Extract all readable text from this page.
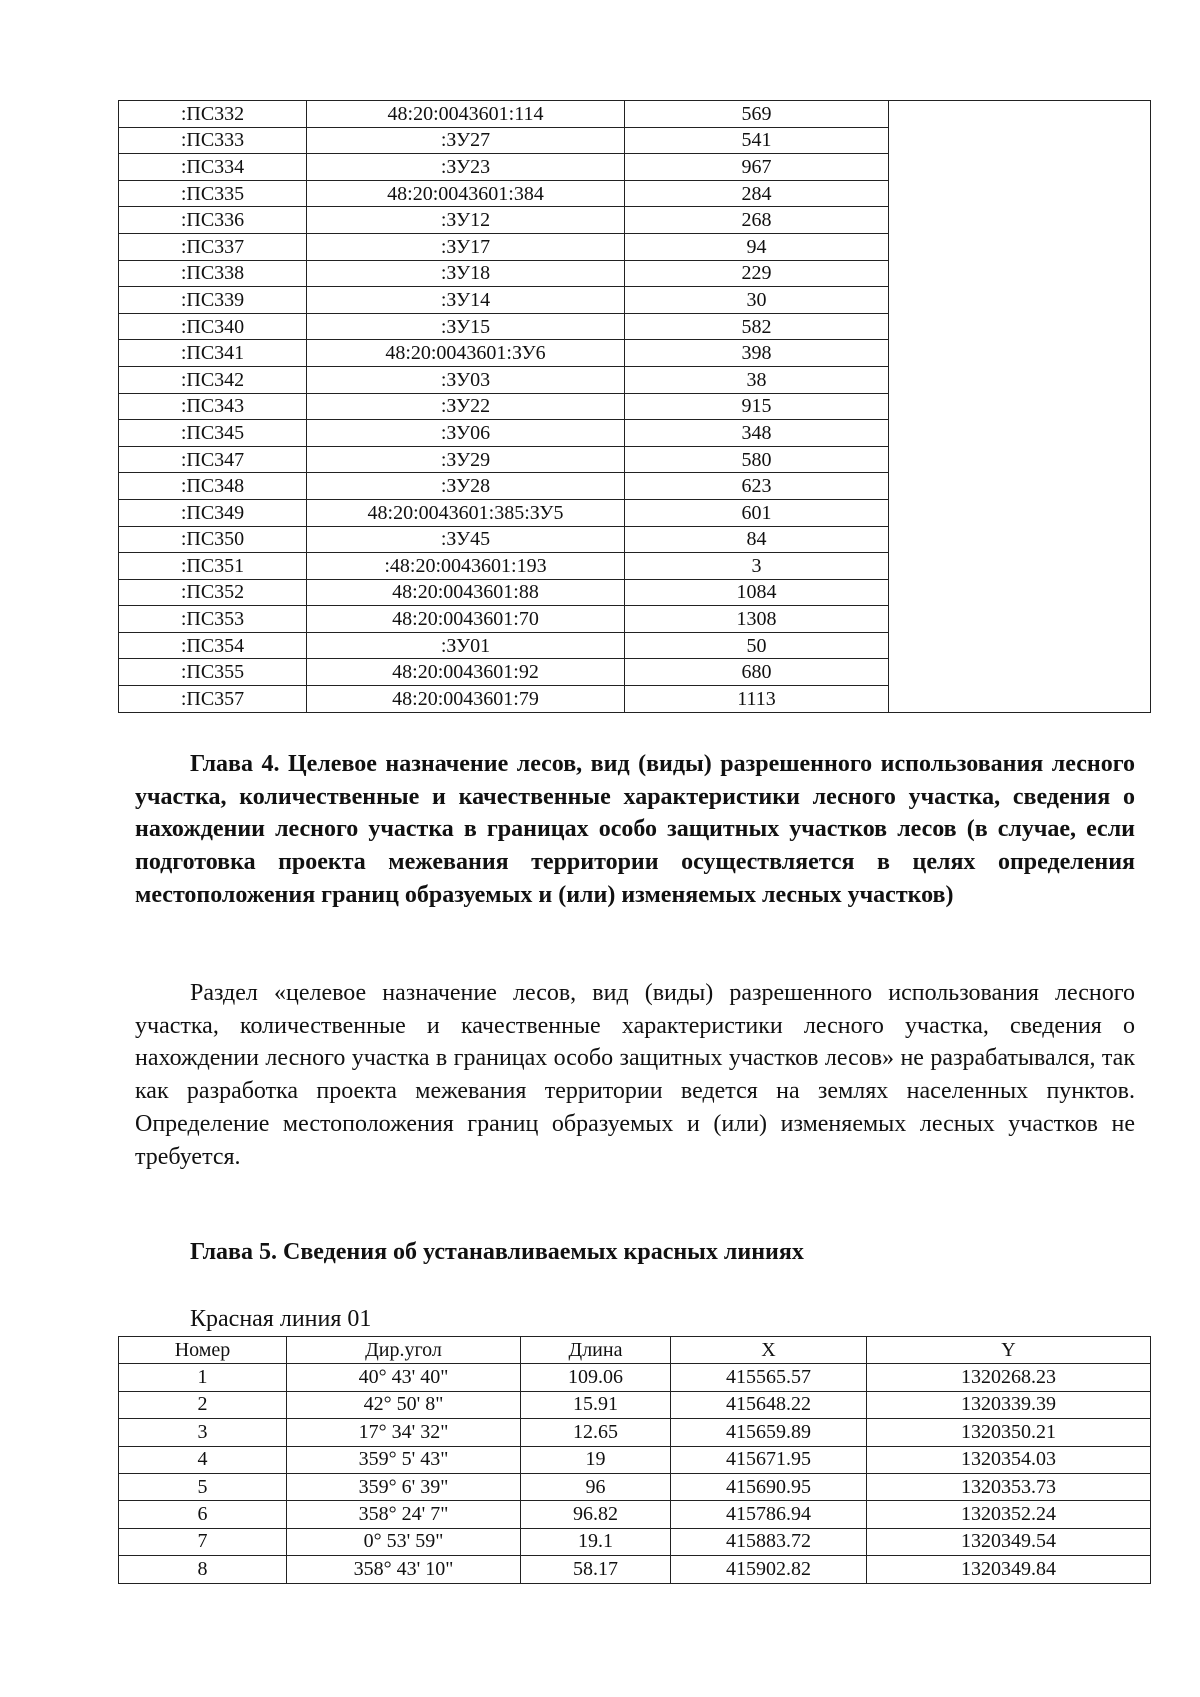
:ПС332	48:20:0043601:114	569	
:ПС333	:ЗУ27	541	
:ПС334	:ЗУ23	967	
:ПС335	48:20:0043601:384	284	
:ПС336	:ЗУ12	268	
:ПС337	:ЗУ17	94	
:ПС338	:ЗУ18	229	
:ПС339	:ЗУ14	30	
:ПС340	:ЗУ15	582	
:ПС341	48:20:0043601:ЗУ6	398	
:ПС342	:ЗУ03	38	
:ПС343	:ЗУ22	915	
:ПС345	:ЗУ06	348	
:ПС347	:ЗУ29	580	
:ПС348	:ЗУ28	623	
:ПС349	48:20:0043601:385:ЗУ5	601	
:ПС350	:ЗУ45	84	
:ПС351	:48:20:0043601:193	3	
:ПС352	48:20:0043601:88	1084	
:ПС353	48:20:0043601:70	1308	
:ПС354	:ЗУ01	50	
:ПС355	48:20:0043601:92	680	
:ПС357	48:20:0043601:79	1113	

Глава 4. Целевое назначение лесов, вид (виды) разрешенного использования лесного участка, количественные и качественные характеристики лесного участка, сведения о нахождении лесного участка в границах особо защитных участков лесов (в случае, если подготовка проекта межевания территории осуществляется в целях определения местоположения границ образуемых и (или) изменяемых лесных участков)

Раздел «целевое назначение лесов, вид (виды) разрешенного использования лесного участка, количественные и качественные характеристики лесного участка, сведения о нахождении лесного участка в границах особо защитных участков лесов» не разрабатывался, так как разработка проекта межевания территории ведется на землях населенных пунктов. Определение местоположения границ образуемых и (или) изменяемых лесных участков не требуется.

Глава 5. Сведения об устанавливаемых красных линиях

Красная линия 01
Номер	Дир.угол	Длина	X	Y
1	40° 43' 40"	109.06	415565.57	1320268.23
2	42° 50' 8"	15.91	415648.22	1320339.39
3	17° 34' 32"	12.65	415659.89	1320350.21
4	359° 5' 43"	19	415671.95	1320354.03
5	359° 6' 39"	96	415690.95	1320353.73
6	358° 24' 7"	96.82	415786.94	1320352.24
7	0° 53' 59"	19.1	415883.72	1320349.54
8	358° 43' 10"	58.17	415902.82	1320349.84
